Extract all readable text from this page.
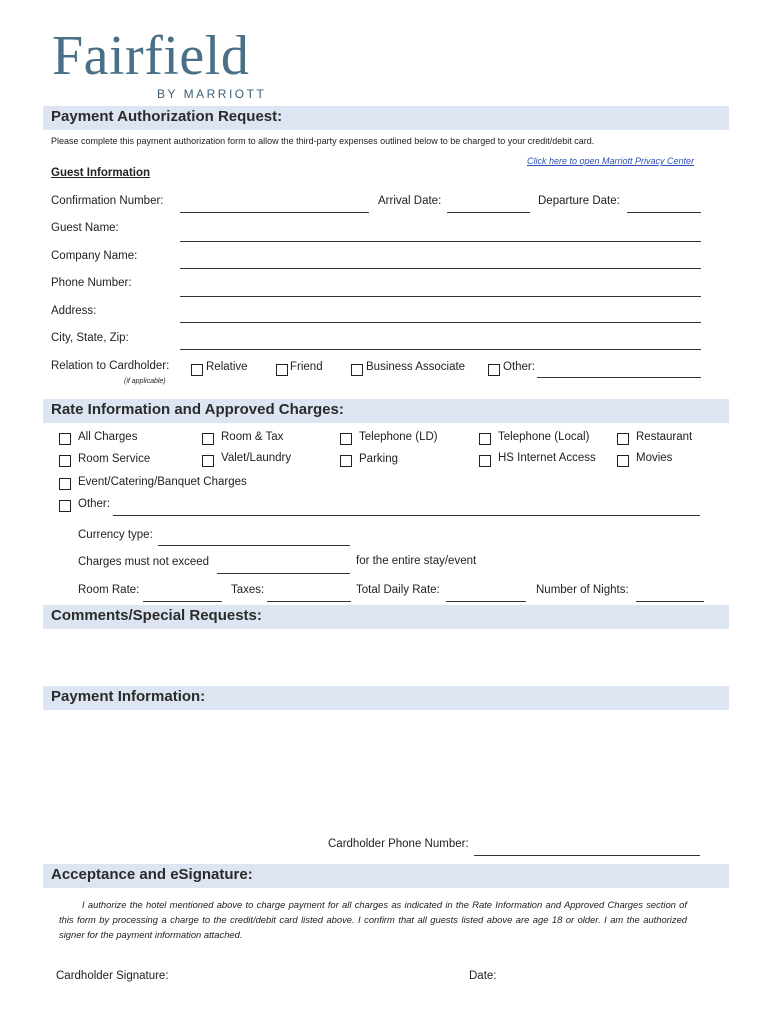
Fairfield
BY MARRIOTT
Payment Authorization Request:
Please complete this payment authorization form to allow the third-party expenses outlined below to be charged to your credit/debit card.
Click here to open Marriott Privacy Center
Guest Information
Confirmation Number:	Arrival Date:	Departure Date:
Guest Name:
Company Name:
Phone Number:
Address:
City, State, Zip:
Relation to Cardholder:
(if applicable)
Relative	Friend	Business Associate	Other:
Rate Information and Approved Charges:
All Charges	Room & Tax	Telephone (LD)	Telephone (Local)	Restaurant
Room Service	Valet/Laundry	Parking	HS Internet Access	Movies
Event/Catering/Banquet Charges
Other:
Currency type:
Charges must not exceed	for the entire stay/event
Room Rate:	Taxes:	Total Daily Rate:	Number of Nights:
Comments/Special Requests:
Payment Information:
Cardholder Phone Number:
Acceptance and eSignature:
I authorize the hotel mentioned above to charge payment for all charges as indicated in the Rate Information and Approved Charges section of this form by processing a charge to the credit/debit card listed above. I confirm that all guests listed above are age 18 or older. I am the authorized signer for the payment information attached.
Cardholder Signature:	Date:
